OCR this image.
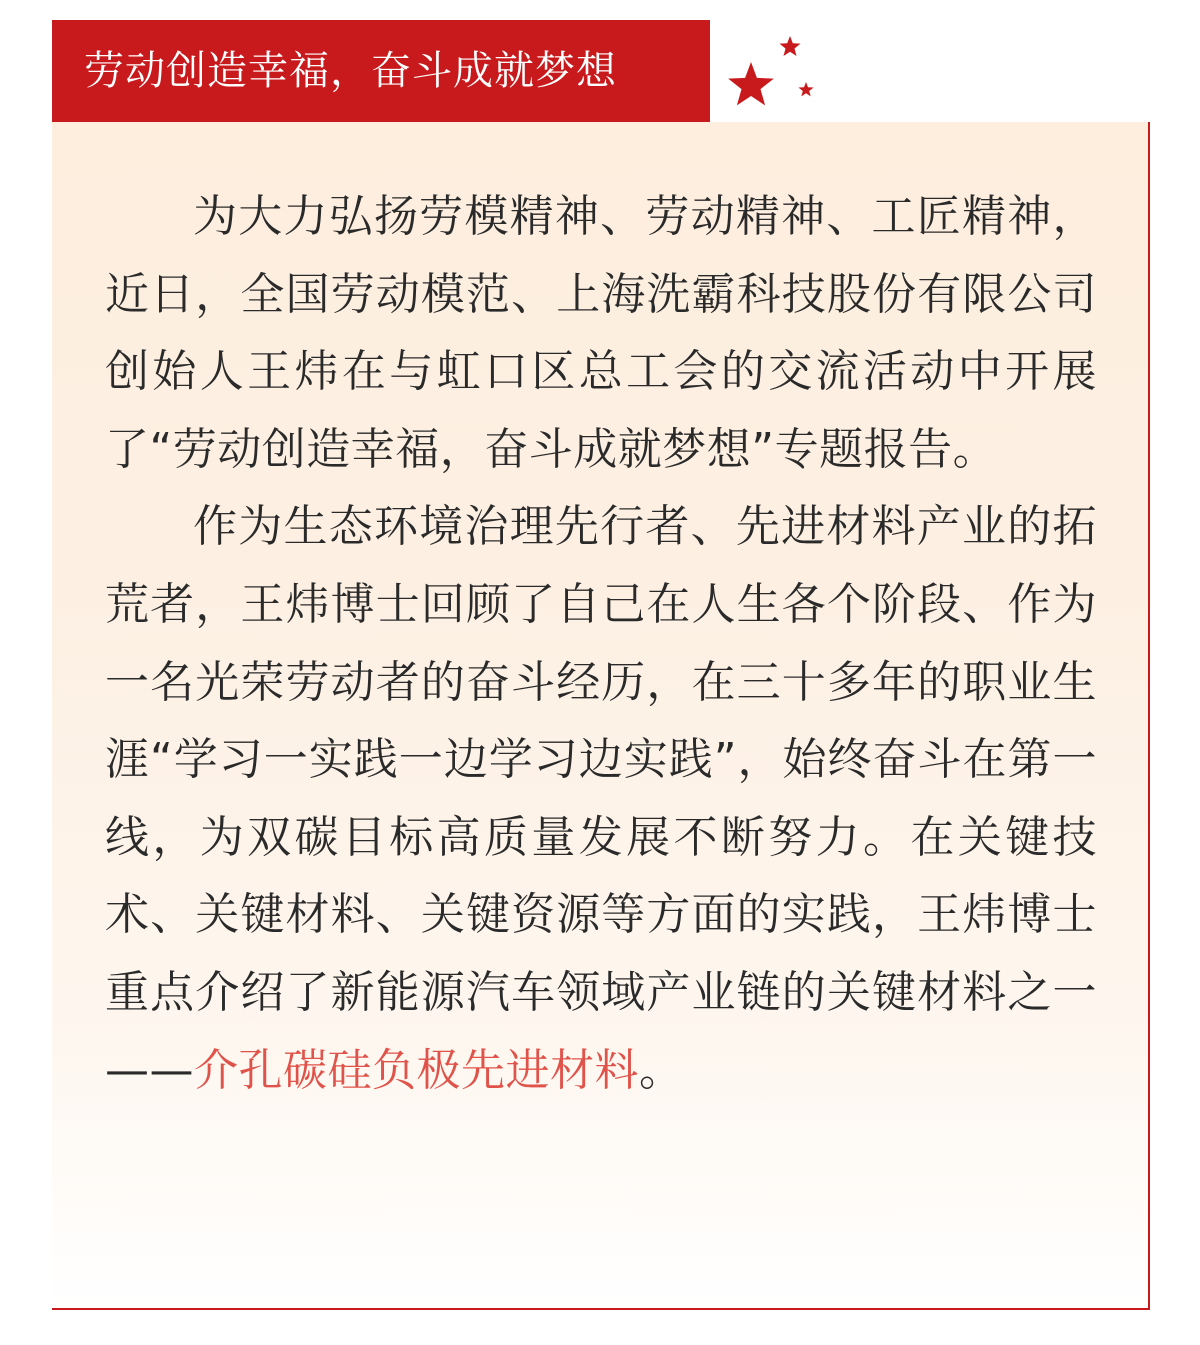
劳动创造幸福，奋斗成就梦想

为大力弘扬劳模精神、劳动精神、工匠精神，近日，全国劳动模范、上海洗霸科技股份有限公司创始人王炜在与虹口区总工会的交流活动中开展了“劳动创造幸福，奋斗成就梦想”专题报告。

作为生态环境治理先行者、先进材料产业的拓荒者，王炜博士回顾了自己在人生各个阶段、作为一名光荣劳动者的奋斗经历，在三十多年的职业生涯“学习一实践一边学习边实践”，始终奋斗在第一线，为双碳目标高质量发展不断努力。在关键技术、关键材料、关键资源等方面的实践，王炜博士重点介绍了新能源汽车领域产业链的关键材料之一——介孔碳硅负极先进材料。
